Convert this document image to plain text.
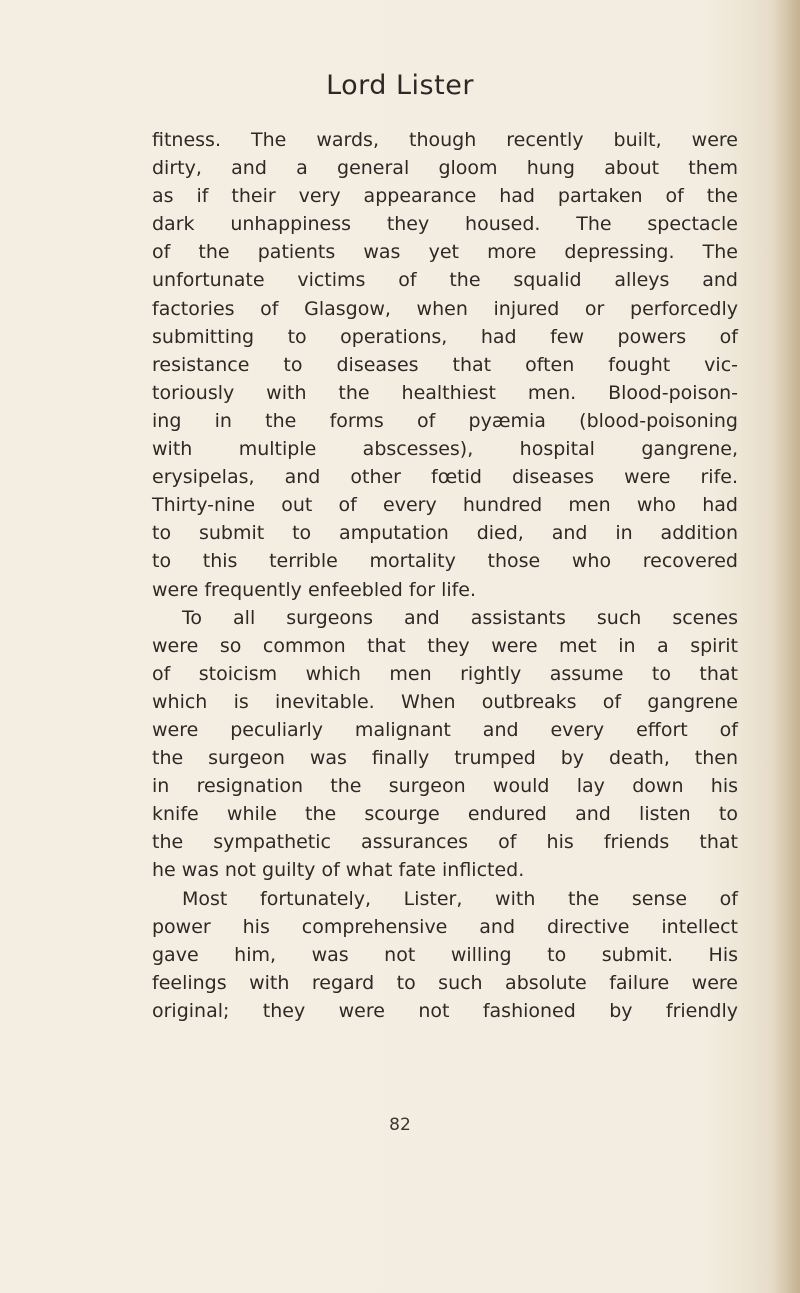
Lord Lister
fitness. The wards, though recently built, were
dirty, and a general gloom hung about them
as if their very appearance had partaken of the
dark unhappiness they housed. The spectacle
of the patients was yet more depressing. The
unfortunate victims of the squalid alleys and
factories of Glasgow, when injured or perforcedly
submitting to operations, had few powers of
resistance to diseases that often fought vic-
toriously with the healthiest men. Blood-poison-
ing in the forms of pyæmia (blood-poisoning
with multiple abscesses), hospital gangrene,
erysipelas, and other fœtid diseases were rife.
Thirty-nine out of every hundred men who had
to submit to amputation died, and in addition
to this terrible mortality those who recovered
were frequently enfeebled for life.
To all surgeons and assistants such scenes
were so common that they were met in a spirit
of stoicism which men rightly assume to that
which is inevitable. When outbreaks of gangrene
were peculiarly malignant and every effort of
the surgeon was finally trumped by death, then
in resignation the surgeon would lay down his
knife while the scourge endured and listen to
the sympathetic assurances of his friends that
he was not guilty of what fate inflicted.
Most fortunately, Lister, with the sense of
power his comprehensive and directive intellect
gave him, was not willing to submit. His
feelings with regard to such absolute failure were
original; they were not fashioned by friendly
82
